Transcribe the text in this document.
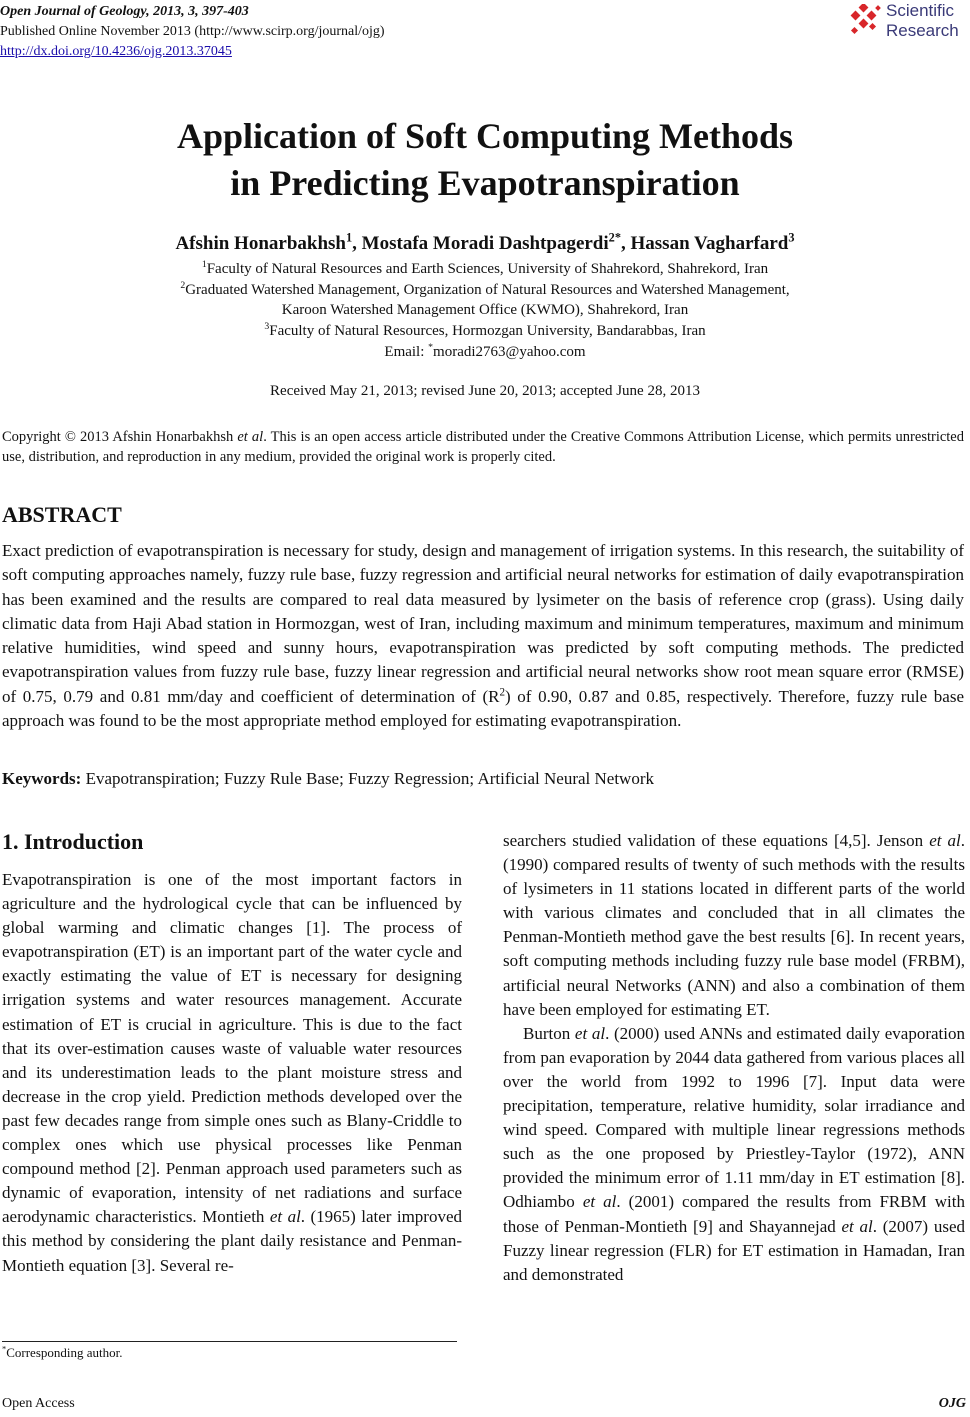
Open Journal of Geology, 2013, 3, 397-403
Published Online November 2013 (http://www.scirp.org/journal/ojg)
http://dx.doi.org/10.4236/ojg.2013.37045
Scientific
Research
Application of Soft Computing Methods
in Predicting Evapotranspiration
Afshin Honarbakhsh$^1$, Mostafa Moradi Dashtpagerdi$^{2*}$, Hassan Vagharfard$^3$
$^1$Faculty of Natural Resources and Earth Sciences, University of Shahrekord, Shahrekord, Iran
$^2$Graduated Watershed Management, Organization of Natural Resources and Watershed Management,
Karoon Watershed Management Office (KWMO), Shahrekord, Iran
$^3$Faculty of Natural Resources, Hormozgan University, Bandarabbas, Iran
Email: *moradi2763@yahoo.com
Received May 21, 2013; revised June 20, 2013; accepted June 28, 2013
Copyright © 2013 Afshin Honarbakhsh et al. This is an open access article distributed under the Creative Commons Attribution License, which permits unrestricted use, distribution, and reproduction in any medium, provided the original work is properly cited.
ABSTRACT
Exact prediction of evapotranspiration is necessary for study, design and management of irrigation systems. In this research, the suitability of soft computing approaches namely, fuzzy rule base, fuzzy regression and artificial neural networks for estimation of daily evapotranspiration has been examined and the results are compared to real data measured by lysimeter on the basis of reference crop (grass). Using daily climatic data from Haji Abad station in Hormozgan, west of Iran, including maximum and minimum temperatures, maximum and minimum relative humidities, wind speed and sunny hours, evapotranspiration was predicted by soft computing methods. The predicted evapotranspiration values from fuzzy rule base, fuzzy linear regression and artificial neural networks show root mean square error (RMSE) of 0.75, 0.79 and 0.81 mm/day and coefficient of determination of $(R^2)$ of 0.90, 0.87 and 0.85, respectively. Therefore, fuzzy rule base approach was found to be the most appropriate method employed for estimating evapotranspiration.
Keywords: Evapotranspiration; Fuzzy Rule Base; Fuzzy Regression; Artificial Neural Network
1. Introduction

Evapotranspiration is one of the most important factors in agriculture and the hydrological cycle that can be influenced by global warming and climatic changes [1]. The process of evapotranspiration (ET) is an important part of the water cycle and exactly estimating the value of ET is necessary for designing irrigation systems and water resources management. Accurate estimation of ET is crucial in agriculture. This is due to the fact that its over-estimation causes waste of valuable water resources and its underestimation leads to the plant moisture stress and decrease in the crop yield. Prediction methods developed over the past few decades range from simple ones such as Blany-Criddle to complex ones which use physical processes like Penman compound method [2]. Penman approach used parameters such as dynamic of evaporation, intensity of net radiations and surface aerodynamic characteristics. Montieth et al. (1965) later improved this method by considering the plant daily resistance and Penman-Montieth equation [3]. Several re-

searchers studied validation of these equations [4,5]. Jenson et al. (1990) compared results of twenty of such methods with the results of lysimeters in 11 stations located in different parts of the world with various climates and concluded that in all climates the Penman-Montieth method gave the best results [6]. In recent years, soft computing methods including fuzzy rule base model (FRBM), artificial neural Networks (ANN) and also a combination of them have been employed for estimating ET.

Burton et al. (2000) used ANNs and estimated daily evaporation from pan evaporation by 2044 data gathered from various places all over the world from 1992 to 1996 [7]. Input data were precipitation, temperature, relative humidity, solar irradiance and wind speed. Compared with multiple linear regressions methods such as the one proposed by Priestley-Taylor (1972), ANN provided the minimum error of 1.11 mm/day in ET estimation [8]. Odhiambo et al. (2001) compared the results from FRBM with those of Penman-Montieth [9] and Shayannejad et al. (2007) used Fuzzy linear regression (FLR) for ET estimation in Hamadan, Iran and demonstrated

*Corresponding author.
Open Access	OJG
